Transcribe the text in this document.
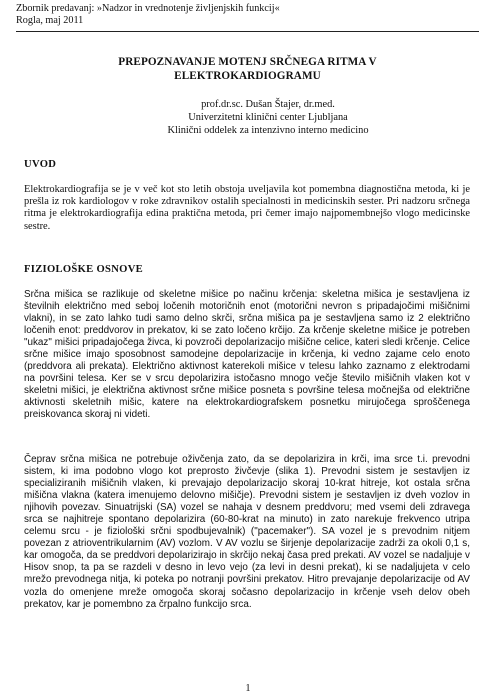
Zbornik predavanj: »Nadzor in vrednotenje življenjskih funkcij«
Rogla, maj 2011
PREPOZNAVANJE MOTENJ SRČNEGA RITMA V
ELEKTROKARDIOGRAMU
prof.dr.sc. Dušan Štajer, dr.med.
Univerzitetni klinični center Ljubljana
Klinični oddelek za intenzivno interno medicino
UVOD

Elektrokardiografija se je v več kot sto letih obstoja uveljavila kot pomembna diagnostična metoda, ki je prešla iz rok kardiologov v roke zdravnikov ostalih specialnosti in medicinskih sester. Pri nadzoru srčnega ritma je elektrokardiografija edina praktična metoda, pri čemer imajo najpomembnejšo vlogo medicinske sestre.

FIZIOLOŠKE OSNOVE

Srčna mišica se razlikuje od skeletne mišice po načinu krčenja: skeletna mišica je sestavljena iz številnih električno med seboj ločenih motoričnih enot (motorični nevron s pripadajočimi mišičnimi vlakni), in se zato lahko tudi samo delno skrči, srčna mišica pa je sestavljena samo iz 2 električno ločenih enot: preddvorov in prekatov, ki se zato ločeno krčijo. Za krčenje skeletne mišice je potreben "ukaz" mišici pripadajočega živca, ki povzroči depolarizacijo mišične celice, kateri sledi krčenje. Celice srčne mišice imajo sposobnost samodejne depolarizacije in krčenja, ki vedno zajame celo enoto (preddvora ali prekata). Električno aktivnost katerekoli mišice v telesu lahko zaznamo z elektrodami na površini telesa. Ker se v srcu depolarizira istočasno mnogo večje število mišičnih vlaken kot v skeletni mišici, je električna aktivnost srčne mišice posneta s površine telesa močnejša od električne aktivnosti skeletnih mišic, katere na elektrokardiografskem posnetku mirujočega sproščenega preiskovanca skoraj ni videti.

Čeprav srčna mišica ne potrebuje oživčenja zato, da se depolarizira in krči, ima srce t.i. prevodni sistem, ki ima podobno vlogo kot preprosto živčevje (slika 1). Prevodni sistem je sestavljen iz specializiranih mišičnih vlaken, ki prevajajo depolarizacijo skoraj 10-krat hitreje, kot ostala srčna mišična vlakna (katera imenujemo delovno mišičje). Prevodni sistem je sestavljen iz dveh vozlov in njihovih povezav. Sinuatrijski (SA) vozel se nahaja v desnem preddvoru; med vsemi deli zdravega srca se najhitreje spontano depolarizira (60-80-krat na minuto) in zato narekuje frekvenco utripa celemu srcu - je fiziološki srčni spodbujevalnik) ("pacemaker"). SA vozel je s prevodnim nitjem povezan z atrioventrikularnim (AV) vozlom. V AV vozlu se širjenje depolarizacije zadrži za okoli 0,1 s, kar omogoča, da se preddvori depolarizirajo in skrčijo nekaj časa pred prekati. AV vozel se nadaljuje v Hisov snop, ta pa se razdeli v desno in levo vejo (za levi in desni prekat), ki se nadaljujeta v celo mrežo prevodnega nitja, ki poteka po notranji površini prekatov. Hitro prevajanje depolarizacije od AV vozla do omenjene mreže omogoča skoraj sočasno depolarizacijo in krčenje vseh delov obeh prekatov, kar je pomembno za črpalno funkcijo srca.

1
